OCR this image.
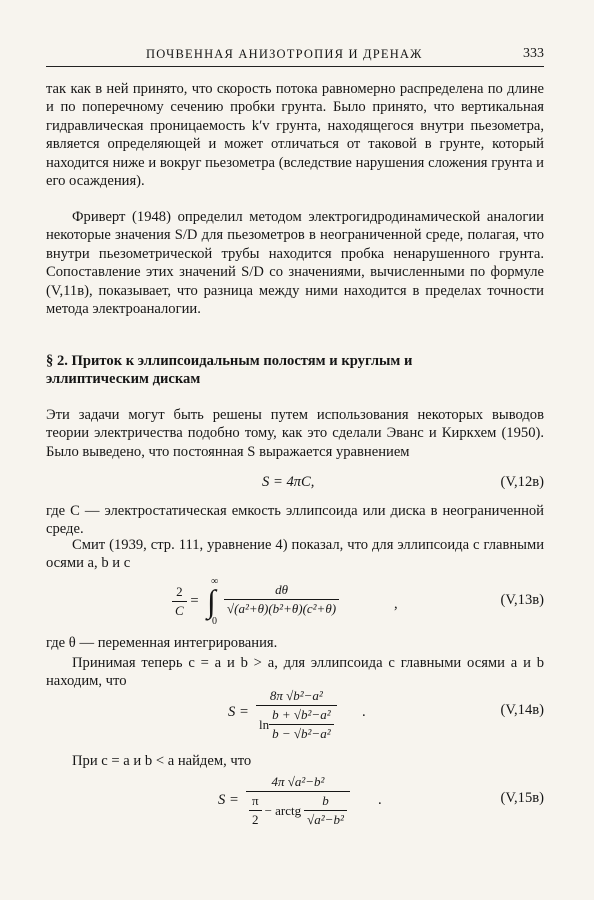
ПОЧВЕННАЯ АНИЗОТРОПИЯ И ДРЕНАЖ	333

так как в ней принято, что скорость потока равномерно распределена по длине и по поперечному сечению пробки грунта. Было принято, что вертикальная гидравлическая проницаемость k′v грунта, находящегося внутри пьезометра, является определяющей и может отличаться от таковой в грунте, который находится ниже и вокруг пьезометра (вследствие нарушения сложения грунта и его осаждения).

Фриверт (1948) определил методом электрогидродинамической аналогии некоторые значения S/D для пьезометров в неограниченной среде, полагая, что внутри пьезометрической трубы находится пробка ненарушенного грунта. Сопоставление этих значений S/D со значениями, вычисленными по формуле (V,11в), показывает, что разница между ними находится в пределах точности метода электроаналогии.

§ 2. Приток к эллипсоидальным полостям и круглым и эллиптическим дискам

Эти задачи могут быть решены путем использования некоторых выводов теории электричества подобно тому, как это сделали Эванс и Киркхем (1950). Было выведено, что постоянная S выражается уравнением

S = 4πC,	(V,12в)

где C — электростатическая емкость эллипсоида или диска в неограниченной среде.

Смит (1939, стр. 111, уравнение 4) показал, что для эллипсоида с главными осями a, b и c

$\frac{2}{C}$ =
∞
∫
0
$\frac{d\theta}{\text{√(a²+θ)(b²+θ)(c²+θ)}}$	,	(V,13в)

где θ — переменная интегрирования.

Принимая теперь c = a и b > a, для эллипсоида с главными осями a и b находим, что

$S = \frac{\text{8π √b²−a²}}{\ln \frac{\text{b + √b²−a²}}{\text{b − √b²−a²}}}$ .	(V,14в)

При c = a и b < a найдем, что

S =
4π √a²−b²
$\frac{\pi}{2}$ − arctg $\frac{b}{\text{√a²−b²}}$ .	(V,15в)
